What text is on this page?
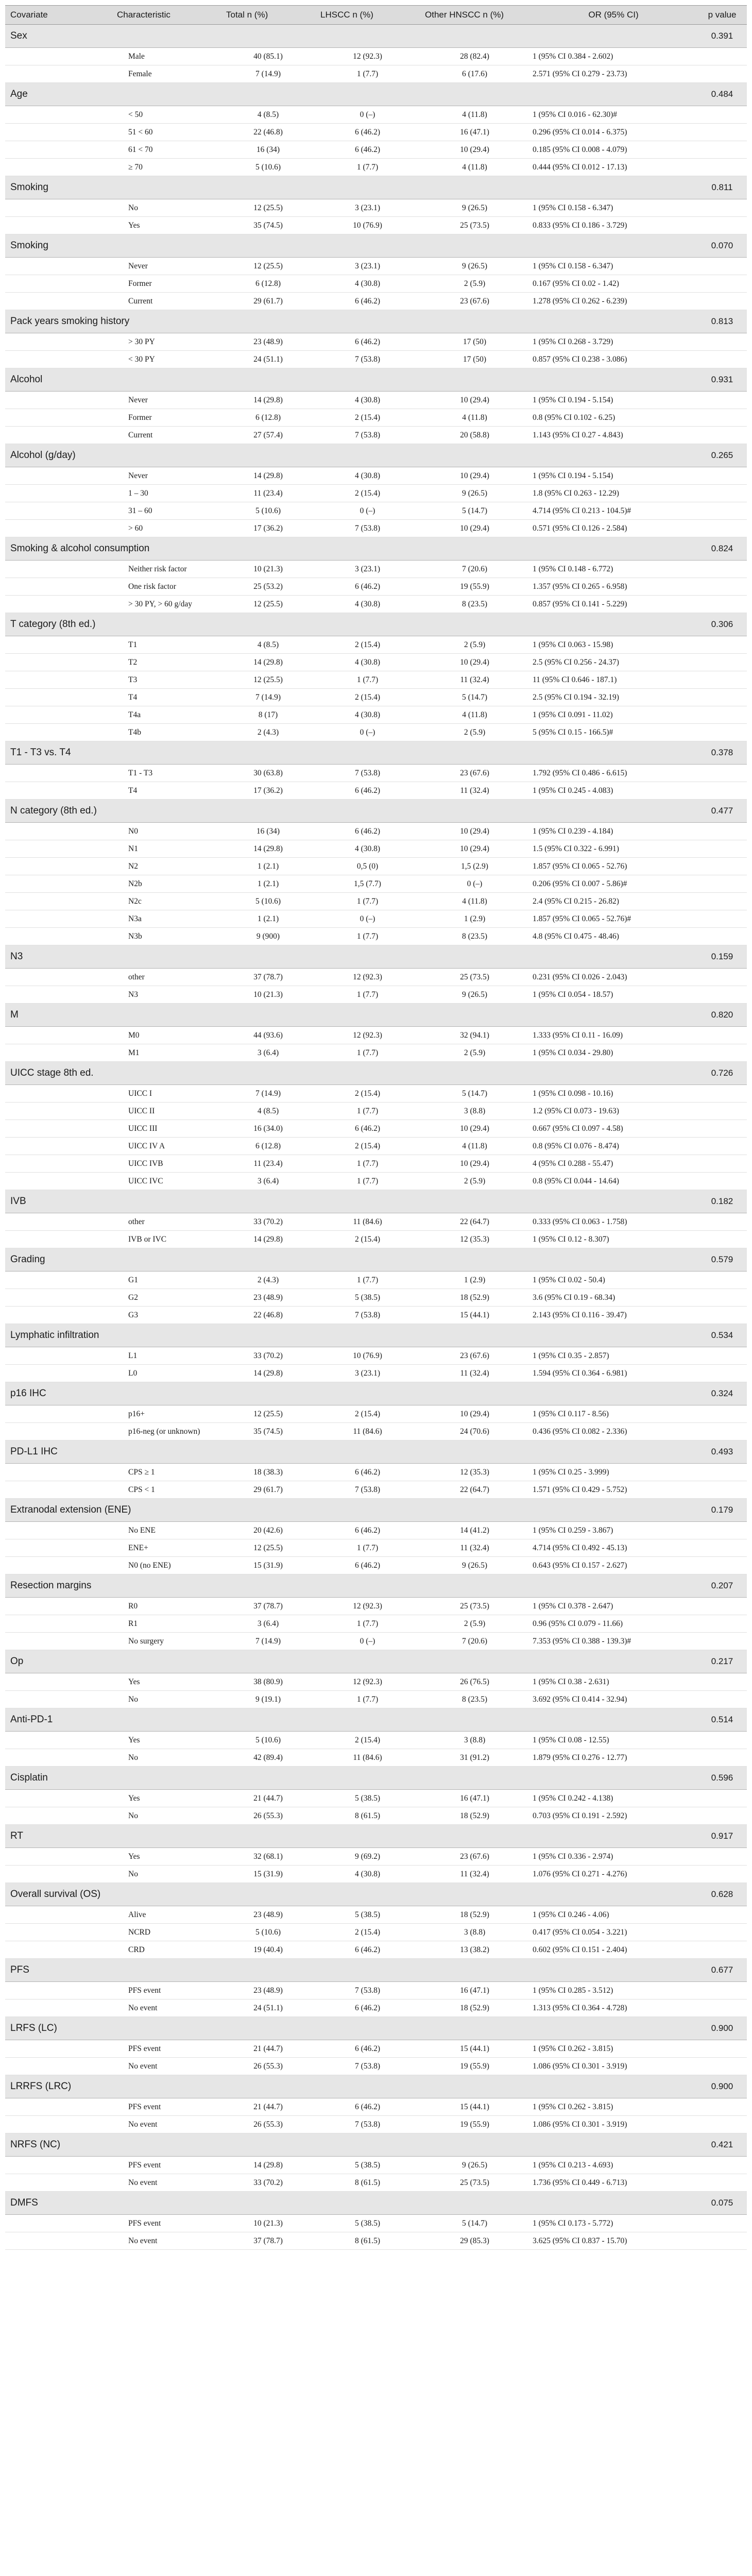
Covariate	Characteristic	Total n (%)	LHSCC n (%)	Other HNSCC n (%)	OR (95% CI)	p value
Sex						0.391
	Male	40 (85.1)	12 (92.3)	28 (82.4)	1 (95% CI 0.384 - 2.602)	
	Female	7 (14.9)	1 (7.7)	6 (17.6)	2.571 (95% CI 0.279 - 23.73)	
Age						0.484
	< 50	4 (8.5)	0 (–)	4 (11.8)	1 (95% CI 0.016 - 62.30)#	
	51 < 60	22 (46.8)	6 (46.2)	16 (47.1)	0.296 (95% CI 0.014 - 6.375)	
	61 < 70	16 (34)	6 (46.2)	10 (29.4)	0.185 (95% CI 0.008 - 4.079)	
	≥ 70	5 (10.6)	1 (7.7)	4 (11.8)	0.444 (95% CI 0.012 - 17.13)	
Smoking						0.811
	No	12 (25.5)	3 (23.1)	9 (26.5)	1 (95% CI 0.158 - 6.347)	
	Yes	35 (74.5)	10 (76.9)	25 (73.5)	0.833 (95% CI 0.186 - 3.729)	
Smoking						0.070
	Never	12 (25.5)	3 (23.1)	9 (26.5)	1 (95% CI 0.158 - 6.347)	
	Former	6 (12.8)	4 (30.8)	2 (5.9)	0.167 (95% CI 0.02 - 1.42)	
	Current	29 (61.7)	6 (46.2)	23 (67.6)	1.278 (95% CI 0.262 - 6.239)	
Pack years smoking history						0.813
	> 30 PY	23 (48.9)	6 (46.2)	17 (50)	1 (95% CI 0.268 - 3.729)	
	< 30 PY	24 (51.1)	7 (53.8)	17 (50)	0.857 (95% CI 0.238 - 3.086)	
Alcohol						0.931
	Never	14 (29.8)	4 (30.8)	10 (29.4)	1 (95% CI 0.194 - 5.154)	
	Former	6 (12.8)	2 (15.4)	4 (11.8)	0.8 (95% CI 0.102 - 6.25)	
	Current	27 (57.4)	7 (53.8)	20 (58.8)	1.143 (95% CI 0.27 - 4.843)	
Alcohol (g/day)						0.265
	Never	14 (29.8)	4 (30.8)	10 (29.4)	1 (95% CI 0.194 - 5.154)	
	1 – 30	11 (23.4)	2 (15.4)	9 (26.5)	1.8 (95% CI 0.263 - 12.29)	
	31 – 60	5 (10.6)	0 (–)	5 (14.7)	4.714 (95% CI 0.213 - 104.5)#	
	> 60	17 (36.2)	7 (53.8)	10 (29.4)	0.571 (95% CI 0.126 - 2.584)	
Smoking & alcohol consumption						0.824
	Neither risk factor	10 (21.3)	3 (23.1)	7 (20.6)	1 (95% CI 0.148 - 6.772)	
	One risk factor	25 (53.2)	6 (46.2)	19 (55.9)	1.357 (95% CI 0.265 - 6.958)	
	> 30 PY, > 60 g/day	12 (25.5)	4 (30.8)	8 (23.5)	0.857 (95% CI 0.141 - 5.229)	
T category (8th ed.)						0.306
	T1	4 (8.5)	2 (15.4)	2 (5.9)	1 (95% CI 0.063 - 15.98)	
	T2	14 (29.8)	4 (30.8)	10 (29.4)	2.5 (95% CI 0.256 - 24.37)	
	T3	12 (25.5)	1 (7.7)	11 (32.4)	11 (95% CI 0.646 - 187.1)	
	T4	7 (14.9)	2 (15.4)	5 (14.7)	2.5 (95% CI 0.194 - 32.19)	
	T4a	8 (17)	4 (30.8)	4 (11.8)	1 (95% CI 0.091 - 11.02)	
	T4b	2 (4.3)	0 (–)	2 (5.9)	5 (95% CI 0.15 - 166.5)#	
T1 - T3 vs. T4						0.378
	T1 - T3	30 (63.8)	7 (53.8)	23 (67.6)	1.792 (95% CI 0.486 - 6.615)	
	T4	17 (36.2)	6 (46.2)	11 (32.4)	1 (95% CI 0.245 - 4.083)	
N category (8th ed.)						0.477
	N0	16 (34)	6 (46.2)	10 (29.4)	1 (95% CI 0.239 - 4.184)	
	N1	14 (29.8)	4 (30.8)	10 (29.4)	1.5 (95% CI 0.322 - 6.991)	
	N2	1 (2.1)	0,5 (0)	1,5 (2.9)	1.857 (95% CI 0.065 - 52.76)	
	N2b	1 (2.1)	1,5 (7.7)	0 (–)	0.206 (95% CI 0.007 - 5.86)#	
	N2c	5 (10.6)	1 (7.7)	4 (11.8)	2.4 (95% CI 0.215 - 26.82)	
	N3a	1 (2.1)	0 (–)	1 (2.9)	1.857 (95% CI 0.065 - 52.76)#	
	N3b	9 (900)	1 (7.7)	8 (23.5)	4.8 (95% CI 0.475 - 48.46)	
N3						0.159
	other	37 (78.7)	12 (92.3)	25 (73.5)	0.231 (95% CI 0.026 - 2.043)	
	N3	10 (21.3)	1 (7.7)	9 (26.5)	1 (95% CI 0.054 - 18.57)	
M						0.820
	M0	44 (93.6)	12 (92.3)	32 (94.1)	1.333 (95% CI 0.11 - 16.09)	
	M1	3 (6.4)	1 (7.7)	2 (5.9)	1 (95% CI 0.034 - 29.80)	
UICC stage 8th ed.						0.726
	UICC I	7 (14.9)	2 (15.4)	5 (14.7)	1 (95% CI 0.098 - 10.16)	
	UICC II	4 (8.5)	1 (7.7)	3 (8.8)	1.2 (95% CI 0.073 - 19.63)	
	UICC III	16 (34.0)	6 (46.2)	10 (29.4)	0.667 (95% CI 0.097 - 4.58)	
	UICC IV A	6 (12.8)	2 (15.4)	4 (11.8)	0.8 (95% CI 0.076 - 8.474)	
	UICC IVB	11 (23.4)	1 (7.7)	10 (29.4)	4 (95% CI 0.288 - 55.47)	
	UICC IVC	3 (6.4)	1 (7.7)	2 (5.9)	0.8 (95% CI 0.044 - 14.64)	
IVB						0.182
	other	33 (70.2)	11 (84.6)	22 (64.7)	0.333 (95% CI 0.063 - 1.758)	
	IVB or IVC	14 (29.8)	2 (15.4)	12 (35.3)	1 (95% CI 0.12 - 8.307)	
Grading						0.579
	G1	2 (4.3)	1 (7.7)	1 (2.9)	1 (95% CI 0.02 - 50.4)	
	G2	23 (48.9)	5 (38.5)	18 (52.9)	3.6 (95% CI 0.19 - 68.34)	
	G3	22 (46.8)	7 (53.8)	15 (44.1)	2.143 (95% CI 0.116 - 39.47)	
Lymphatic infiltration						0.534
	L1	33 (70.2)	10 (76.9)	23 (67.6)	1 (95% CI 0.35 - 2.857)	
	L0	14 (29.8)	3 (23.1)	11 (32.4)	1.594 (95% CI 0.364 - 6.981)	
p16 IHC						0.324
	p16+	12 (25.5)	2 (15.4)	10 (29.4)	1 (95% CI 0.117 - 8.56)	
	p16-neg (or unknown)	35 (74.5)	11 (84.6)	24 (70.6)	0.436 (95% CI 0.082 - 2.336)	
PD-L1 IHC						0.493
	CPS ≥ 1	18 (38.3)	6 (46.2)	12 (35.3)	1 (95% CI 0.25 - 3.999)	
	CPS < 1	29 (61.7)	7 (53.8)	22 (64.7)	1.571 (95% CI 0.429 - 5.752)	
Extranodal extension (ENE)						0.179
	No ENE	20 (42.6)	6 (46.2)	14 (41.2)	1 (95% CI 0.259 - 3.867)	
	ENE+	12 (25.5)	1 (7.7)	11 (32.4)	4.714 (95% CI 0.492 - 45.13)	
	N0 (no ENE)	15 (31.9)	6 (46.2)	9 (26.5)	0.643 (95% CI 0.157 - 2.627)	
Resection margins						0.207
	R0	37 (78.7)	12 (92.3)	25 (73.5)	1 (95% CI 0.378 - 2.647)	
	R1	3 (6.4)	1 (7.7)	2 (5.9)	0.96 (95% CI 0.079 - 11.66)	
	No surgery	7 (14.9)	0 (–)	7 (20.6)	7.353 (95% CI 0.388 - 139.3)#	
Op						0.217
	Yes	38 (80.9)	12 (92.3)	26 (76.5)	1 (95% CI 0.38 - 2.631)	
	No	9 (19.1)	1 (7.7)	8 (23.5)	3.692 (95% CI 0.414 - 32.94)	
Anti-PD-1						0.514
	Yes	5 (10.6)	2 (15.4)	3 (8.8)	1 (95% CI 0.08 - 12.55)	
	No	42 (89.4)	11 (84.6)	31 (91.2)	1.879 (95% CI 0.276 - 12.77)	
Cisplatin						0.596
	Yes	21 (44.7)	5 (38.5)	16 (47.1)	1 (95% CI 0.242 - 4.138)	
	No	26 (55.3)	8 (61.5)	18 (52.9)	0.703 (95% CI 0.191 - 2.592)	
RT						0.917
	Yes	32 (68.1)	9 (69.2)	23 (67.6)	1 (95% CI 0.336 - 2.974)	
	No	15 (31.9)	4 (30.8)	11 (32.4)	1.076 (95% CI 0.271 - 4.276)	
Overall survival (OS)						0.628
	Alive	23 (48.9)	5 (38.5)	18 (52.9)	1 (95% CI 0.246 - 4.06)	
	NCRD	5 (10.6)	2 (15.4)	3 (8.8)	0.417 (95% CI 0.054 - 3.221)	
	CRD	19 (40.4)	6 (46.2)	13 (38.2)	0.602 (95% CI 0.151 - 2.404)	
PFS						0.677
	PFS event	23 (48.9)	7 (53.8)	16 (47.1)	1 (95% CI 0.285 - 3.512)	
	No event	24 (51.1)	6 (46.2)	18 (52.9)	1.313 (95% CI 0.364 - 4.728)	
LRFS (LC)						0.900
	PFS event	21 (44.7)	6 (46.2)	15 (44.1)	1 (95% CI 0.262 - 3.815)	
	No event	26 (55.3)	7 (53.8)	19 (55.9)	1.086 (95% CI 0.301 - 3.919)	
LRRFS (LRC)						0.900
	PFS event	21 (44.7)	6 (46.2)	15 (44.1)	1 (95% CI 0.262 - 3.815)	
	No event	26 (55.3)	7 (53.8)	19 (55.9)	1.086 (95% CI 0.301 - 3.919)	
NRFS (NC)						0.421
	PFS event	14 (29.8)	5 (38.5)	9 (26.5)	1 (95% CI 0.213 - 4.693)	
	No event	33 (70.2)	8 (61.5)	25 (73.5)	1.736 (95% CI 0.449 - 6.713)	
DMFS						0.075
	PFS event	10 (21.3)	5 (38.5)	5 (14.7)	1 (95% CI 0.173 - 5.772)	
	No event	37 (78.7)	8 (61.5)	29 (85.3)	3.625 (95% CI 0.837 - 15.70)	
